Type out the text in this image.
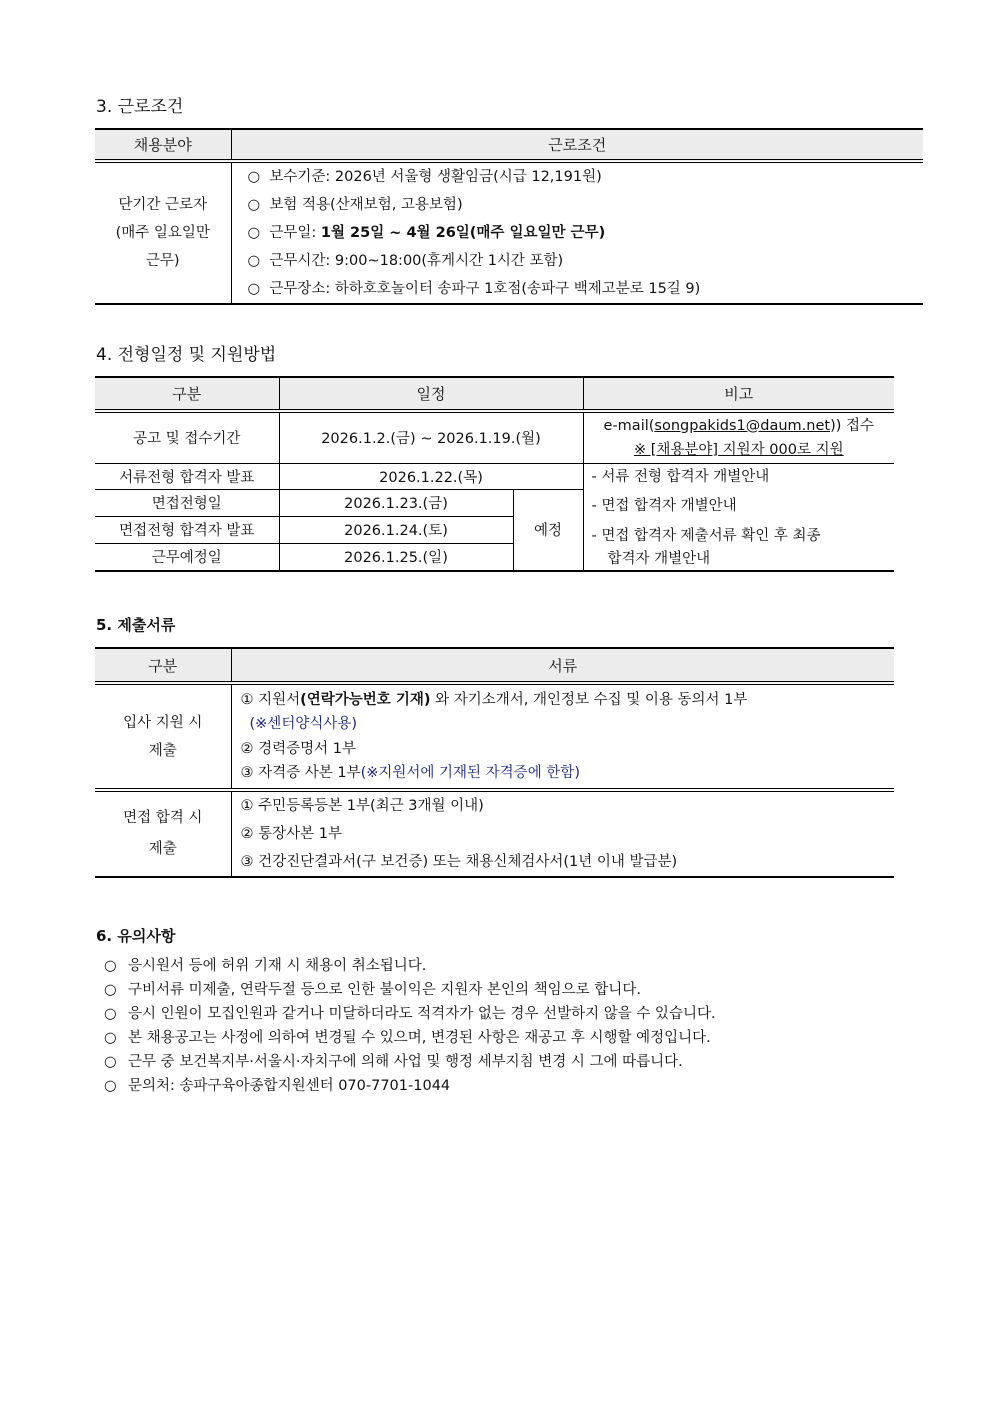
3. 근로조건
채용분야	근로조건

단기간 근로자
(매주 일요일만
근무)	○ 보수기준: 2026년 서울형 생활임금(시급 12,191원)
○ 보험 적용(산재보험, 고용보험)
○ 근무일: 1월 25일 ~ 4월 26일(매주 일요일만 근무)
○ 근무시간: 9:00~18:00(휴게시간 1시간 포함)
○ 근무장소: 하하호호놀이터 송파구 1호점(송파구 백제고분로 15길 9)
4. 전형일정 및 지원방법
구분	일정		비고
공고 및 접수기간	2026.1.2.(금) ~ 2026.1.19.(월)		e-mail(songpakids1@daum.net)) 접수
※ [채용분야] 지원자 000로 지원

서류전형 합격자 발표	2026.1.22.(목)		- 서류 전형 합격자 개별안내
- 면접 합격자 개별안내
- 면접 합격자 제출서류 확인 후 최종
합격자 개별안내

면접전형일	2026.1.23.(금)	예정	
면접전형 합격자 발표	2026.1.24.(토)		
근무예정일	2026.1.25.(일)		
5. 제출서류
구분	서류

입사 지원 시
제출	① 지원서(연락가능번호 기재) 와 자기소개서, 개인정보 수집 및 이용 동의서 1부
(※센터양식사용)
② 경력증명서 1부
③ 자격증 사본 1부(※지원서에 기재된 자격증에 한함)

면접 합격 시
제출	① 주민등록등본 1부(최근 3개월 이내)
② 통장사본 1부
③ 건강진단결과서(구 보건증) 또는 채용신체검사서(1년 이내 발급분)
6. 유의사항
○ 응시원서 등에 허위 기재 시 채용이 취소됩니다.
○ 구비서류 미제출, 연락두절 등으로 인한 불이익은 지원자 본인의 책임으로 합니다.
○ 응시 인원이 모집인원과 같거나 미달하더라도 적격자가 없는 경우 선발하지 않을 수 있습니다.
○ 본 채용공고는 사정에 의하여 변경될 수 있으며, 변경된 사항은 재공고 후 시행할 예정입니다.
○ 근무 중 보건복지부·서울시·자치구에 의해 사업 및 행정 세부지침 변경 시 그에 따릅니다.
○ 문의처: 송파구육아종합지원센터 070-7701-1044
